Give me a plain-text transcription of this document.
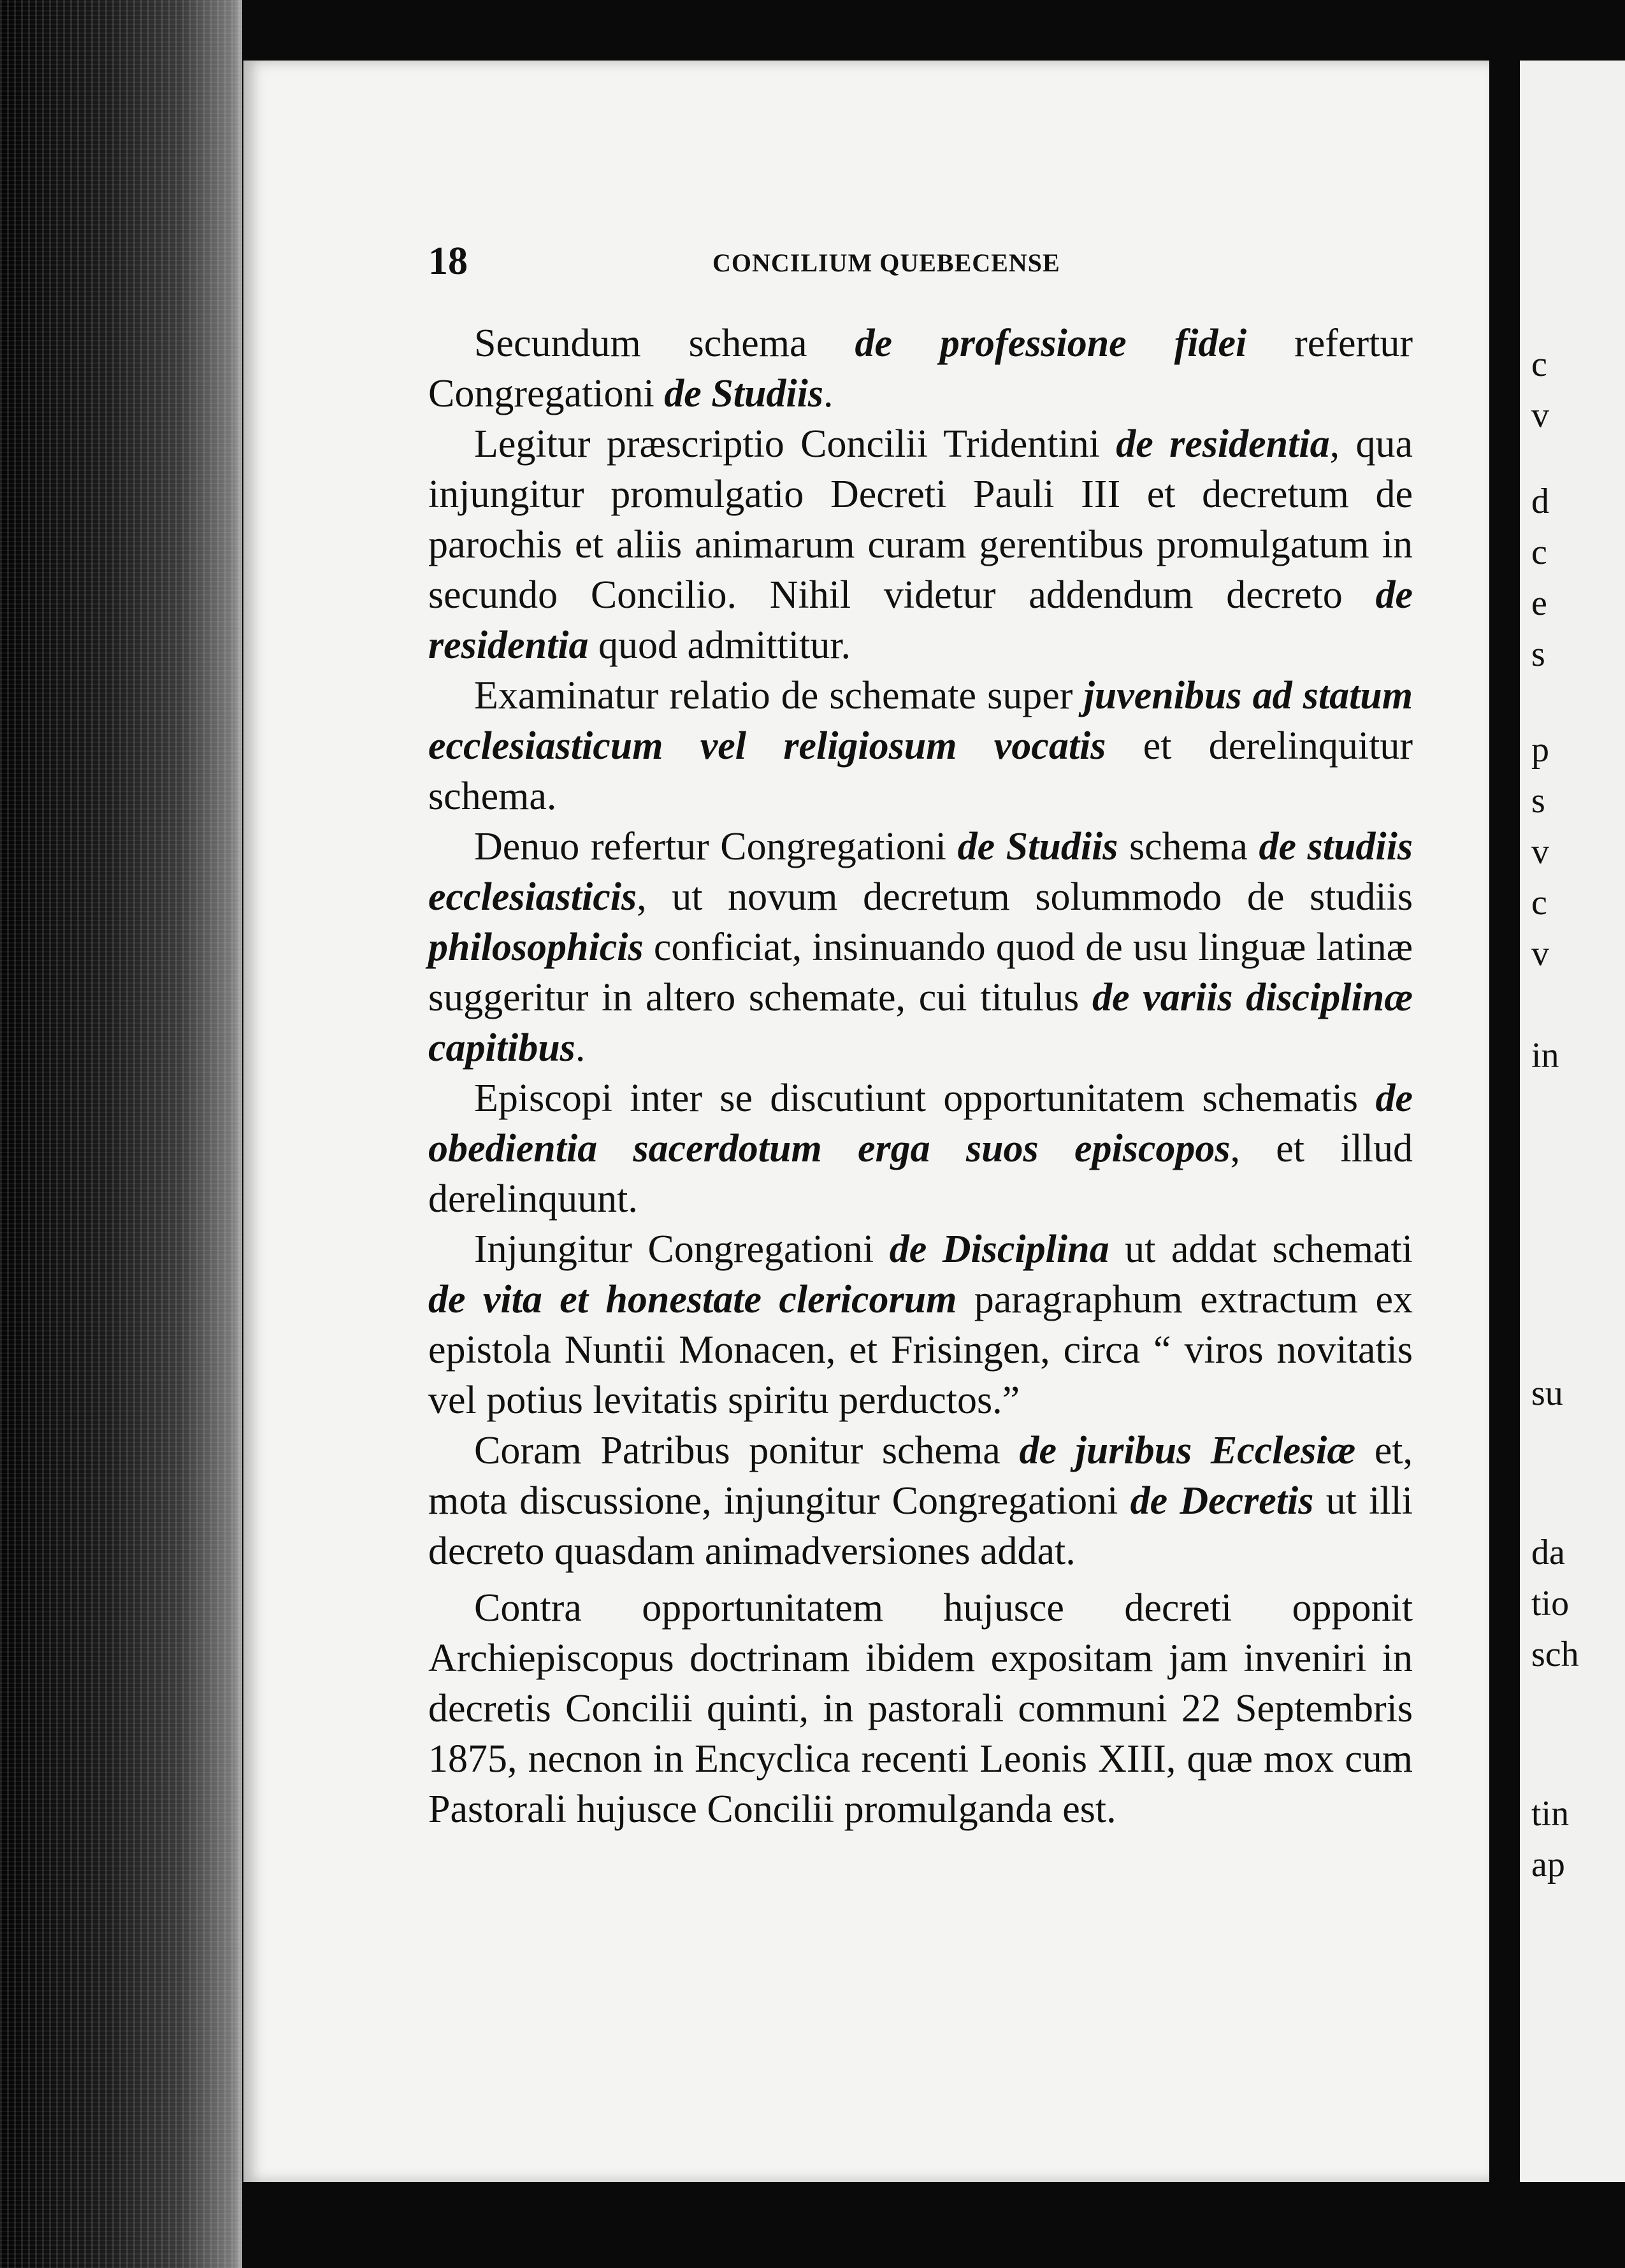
c
v
d
c
e
s
p
s
v
c
v
in
su
da
tio
sch
tin
ap
18	CONCILIUM QUEBECENSE

Secundum schema de professione fidei refertur Congregationi de Studiis.

Legitur præscriptio Concilii Tridentini de residentia, qua injungitur promulgatio Decreti Pauli III et decretum de parochis et aliis animarum curam gerentibus promulgatum in secundo Concilio. Nihil videtur addendum decreto de residentia quod admittitur.

Examinatur relatio de schemate super juvenibus ad statum ecclesiasticum vel religiosum vocatis et derelinquitur schema.

Denuo refertur Congregationi de Studiis schema de studiis ecclesiasticis, ut novum decretum solummodo de studiis philosophicis conficiat, insinuando quod de usu linguæ latinæ suggeritur in altero schemate, cui titulus de variis disciplinæ capitibus.

Episcopi inter se discutiunt opportunitatem schematis de obedientia sacerdotum erga suos episcopos, et illud derelinquunt.

Injungitur Congregationi de Disciplina ut addat schemati de vita et honestate clericorum paragraphum extractum ex epistola Nuntii Monacen, et Frisingen, circa “ viros novitatis vel potius levitatis spiritu perductos.”

Coram Patribus ponitur schema de juribus Ecclesiæ et, mota discussione, injungitur Congregationi de Decretis ut illi decreto quasdam animadversiones addat.

Contra opportunitatem hujusce decreti opponit Archiepiscopus doctrinam ibidem expositam jam inveniri in decretis Concilii quinti, in pastorali communi 22 Septembris 1875, necnon in Encyclica recenti Leonis XIII, quæ mox cum Pastorali hujusce Concilii promulganda est.
